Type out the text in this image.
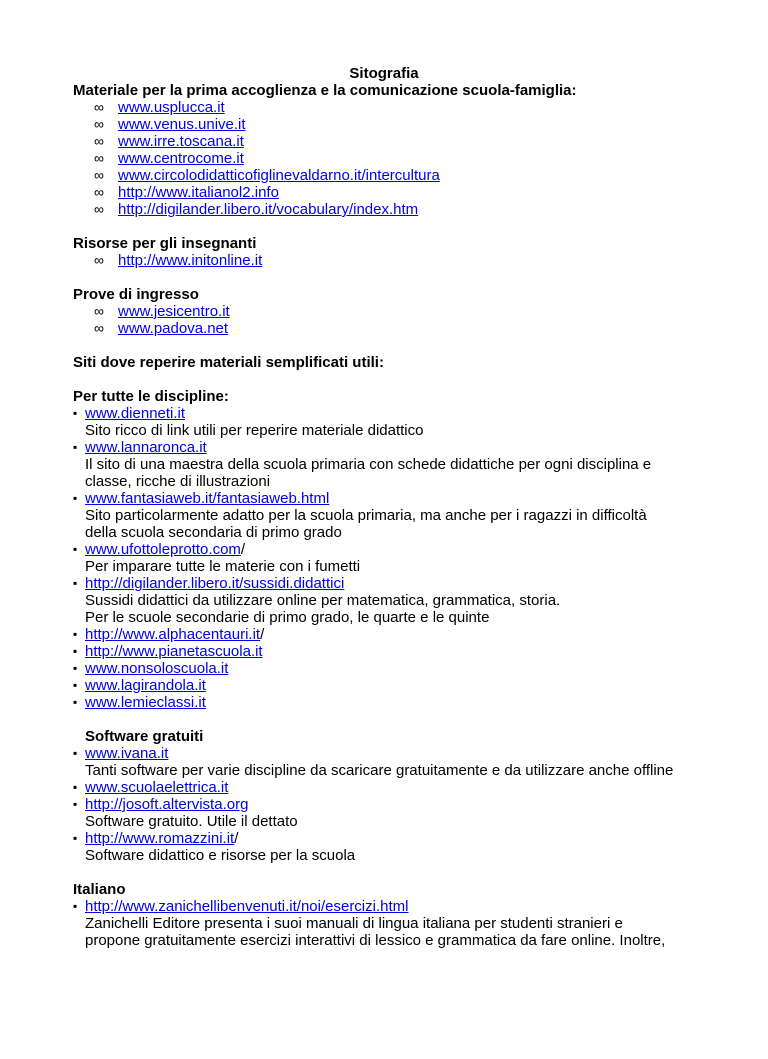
Sitografia
Materiale per la prima accoglienza e la comunicazione scuola-famiglia:
∞ www.usplucca.it
∞ www.venus.unive.it
∞ www.irre.toscana.it
∞ www.centrocome.it
∞ www.circolodidatticofiglinevaldarno.it/intercultura
∞ http://www.italianol2.info
∞ http://digilander.libero.it/vocabulary/index.htm
Risorse per gli insegnanti
∞ http://www.initonline.it
Prove di ingresso
∞ www.jesicentro.it
∞ www.padova.net
Siti dove reperire materiali semplificati utili:
Per tutte le discipline:
▪ www.dienneti.it
Sito ricco di link utili per reperire materiale didattico
▪ www.lannaronca.it
Il sito di una maestra della scuola primaria con schede didattiche per ogni disciplina e
classe, ricche di illustrazioni
▪ www.fantasiaweb.it/fantasiaweb.html
Sito particolarmente adatto per la scuola primaria, ma anche per i ragazzi in difficoltà
della scuola secondaria di primo grado
▪ www.ufottoleprotto.com/
Per imparare tutte le materie con i fumetti
▪ http://digilander.libero.it/sussidi.didattici
Sussidi didattici da utilizzare online per matematica, grammatica, storia.
Per le scuole secondarie di primo grado, le quarte e le quinte
▪ http://www.alphacentauri.it/
▪ http://www.pianetascuola.it
▪ www.nonsoloscuola.it
▪ www.lagirandola.it
▪ www.lemieclassi.it
Software gratuiti
▪ www.ivana.it
Tanti software per varie discipline da scaricare gratuitamente e da utilizzare anche offline
▪ www.scuolaelettrica.it
▪ http://josoft.altervista.org
Software gratuito. Utile il dettato
▪ http://www.romazzini.it/
Software didattico e risorse per la scuola
Italiano
▪ http://www.zanichellibenvenuti.it/noi/esercizi.html
Zanichelli Editore presenta i suoi manuali di lingua italiana per studenti stranieri e
propone gratuitamente esercizi interattivi di lessico e grammatica da fare online. Inoltre,
